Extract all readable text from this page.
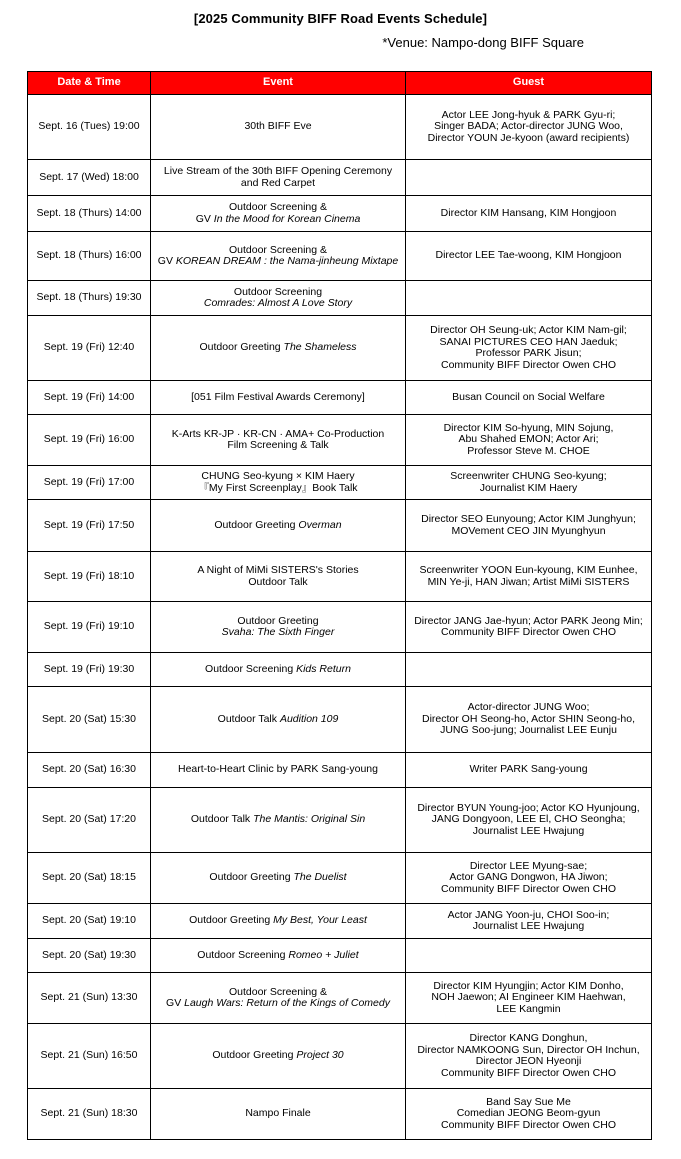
[2025 Community BIFF Road Events Schedule]
*Venue: Nampo-dong BIFF Square
Date & Time	Event	Guest
Sept. 16 (Tues) 19:00	30th BIFF Eve	Actor LEE Jong-hyuk & PARK Gyu-ri;
Singer BADA; Actor-director JUNG Woo,
Director YOUN Je-kyoon (award recipients)

Sept. 17 (Wed) 18:00	Live Stream of the 30th BIFF Opening Ceremony
and Red Carpet	

Sept. 18 (Thurs) 14:00	Outdoor Screening &
GV In the Mood for Korean Cinema	Director KIM Hansang, KIM Hongjoon

Sept. 18 (Thurs) 16:00	Outdoor Screening &
GV KOREAN DREAM : the Nama-jinheung Mixtape	Director LEE Tae-woong, KIM Hongjoon

Sept. 18 (Thurs) 19:30	Outdoor Screening
Comrades: Almost A Love Story	

Sept. 19 (Fri) 12:40	Outdoor Greeting The Shameless	Director OH Seung-uk; Actor KIM Nam-gil;
SANAI PICTURES CEO HAN Jaeduk;
Professor PARK Jisun;
Community BIFF Director Owen CHO

Sept. 19 (Fri) 14:00	[051 Film Festival Awards Ceremony]	Busan Council on Social Welfare

Sept. 19 (Fri) 16:00	K-Arts KR-JP · KR-CN · AMA+ Co-Production
Film Screening & Talk	Director KIM So-hyung, MIN Sojung,
Abu Shahed EMON; Actor Ari;
Professor Steve M. CHOE

Sept. 19 (Fri) 17:00	CHUNG Seo-kyung × KIM Haery
『My First Screenplay』Book Talk	Screenwriter CHUNG Seo-kyung;
Journalist KIM Haery

Sept. 19 (Fri) 17:50	Outdoor Greeting Overman	Director SEO Eunyoung; Actor KIM Junghyun;
MOVement CEO JIN Myunghyun

Sept. 19 (Fri) 18:10	A Night of MiMi SISTERS's Stories
Outdoor Talk	Screenwriter YOON Eun-kyoung, KIM Eunhee,
MIN Ye-ji, HAN Jiwan; Artist MiMi SISTERS

Sept. 19 (Fri) 19:10	Outdoor Greeting
Svaha: The Sixth Finger	Director JANG Jae-hyun; Actor PARK Jeong Min;
Community BIFF Director Owen CHO

Sept. 19 (Fri) 19:30	Outdoor Screening Kids Return	

Sept. 20 (Sat) 15:30	Outdoor Talk Audition 109	Actor-director JUNG Woo;
Director OH Seong-ho, Actor SHIN Seong-ho,
JUNG Soo-jung; Journalist LEE Eunju

Sept. 20 (Sat) 16:30	Heart-to-Heart Clinic by PARK Sang-young	Writer PARK Sang-young

Sept. 20 (Sat) 17:20	Outdoor Talk The Mantis: Original Sin	Director BYUN Young-joo; Actor KO Hyunjoung,
JANG Dongyoon, LEE El, CHO Seongha;
Journalist LEE Hwajung

Sept. 20 (Sat) 18:15	Outdoor Greeting The Duelist	Director LEE Myung-sae;
Actor GANG Dongwon, HA Jiwon;
Community BIFF Director Owen CHO

Sept. 20 (Sat) 19:10	Outdoor Greeting My Best, Your Least	Actor JANG Yoon-ju, CHOI Soo-in;
Journalist LEE Hwajung

Sept. 20 (Sat) 19:30	Outdoor Screening Romeo + Juliet	

Sept. 21 (Sun) 13:30	Outdoor Screening &
GV Laugh Wars: Return of the Kings of Comedy	Director KIM Hyungjin; Actor KIM Donho,
NOH Jaewon; AI Engineer KIM Haehwan,
LEE Kangmin

Sept. 21 (Sun) 16:50	Outdoor Greeting Project 30	Director KANG Donghun,
Director NAMKOONG Sun, Director OH Inchun,
Director JEON Hyeonji
Community BIFF Director Owen CHO

Sept. 21 (Sun) 18:30	Nampo Finale	Band Say Sue Me
Comedian JEONG Beom-gyun
Community BIFF Director Owen CHO
